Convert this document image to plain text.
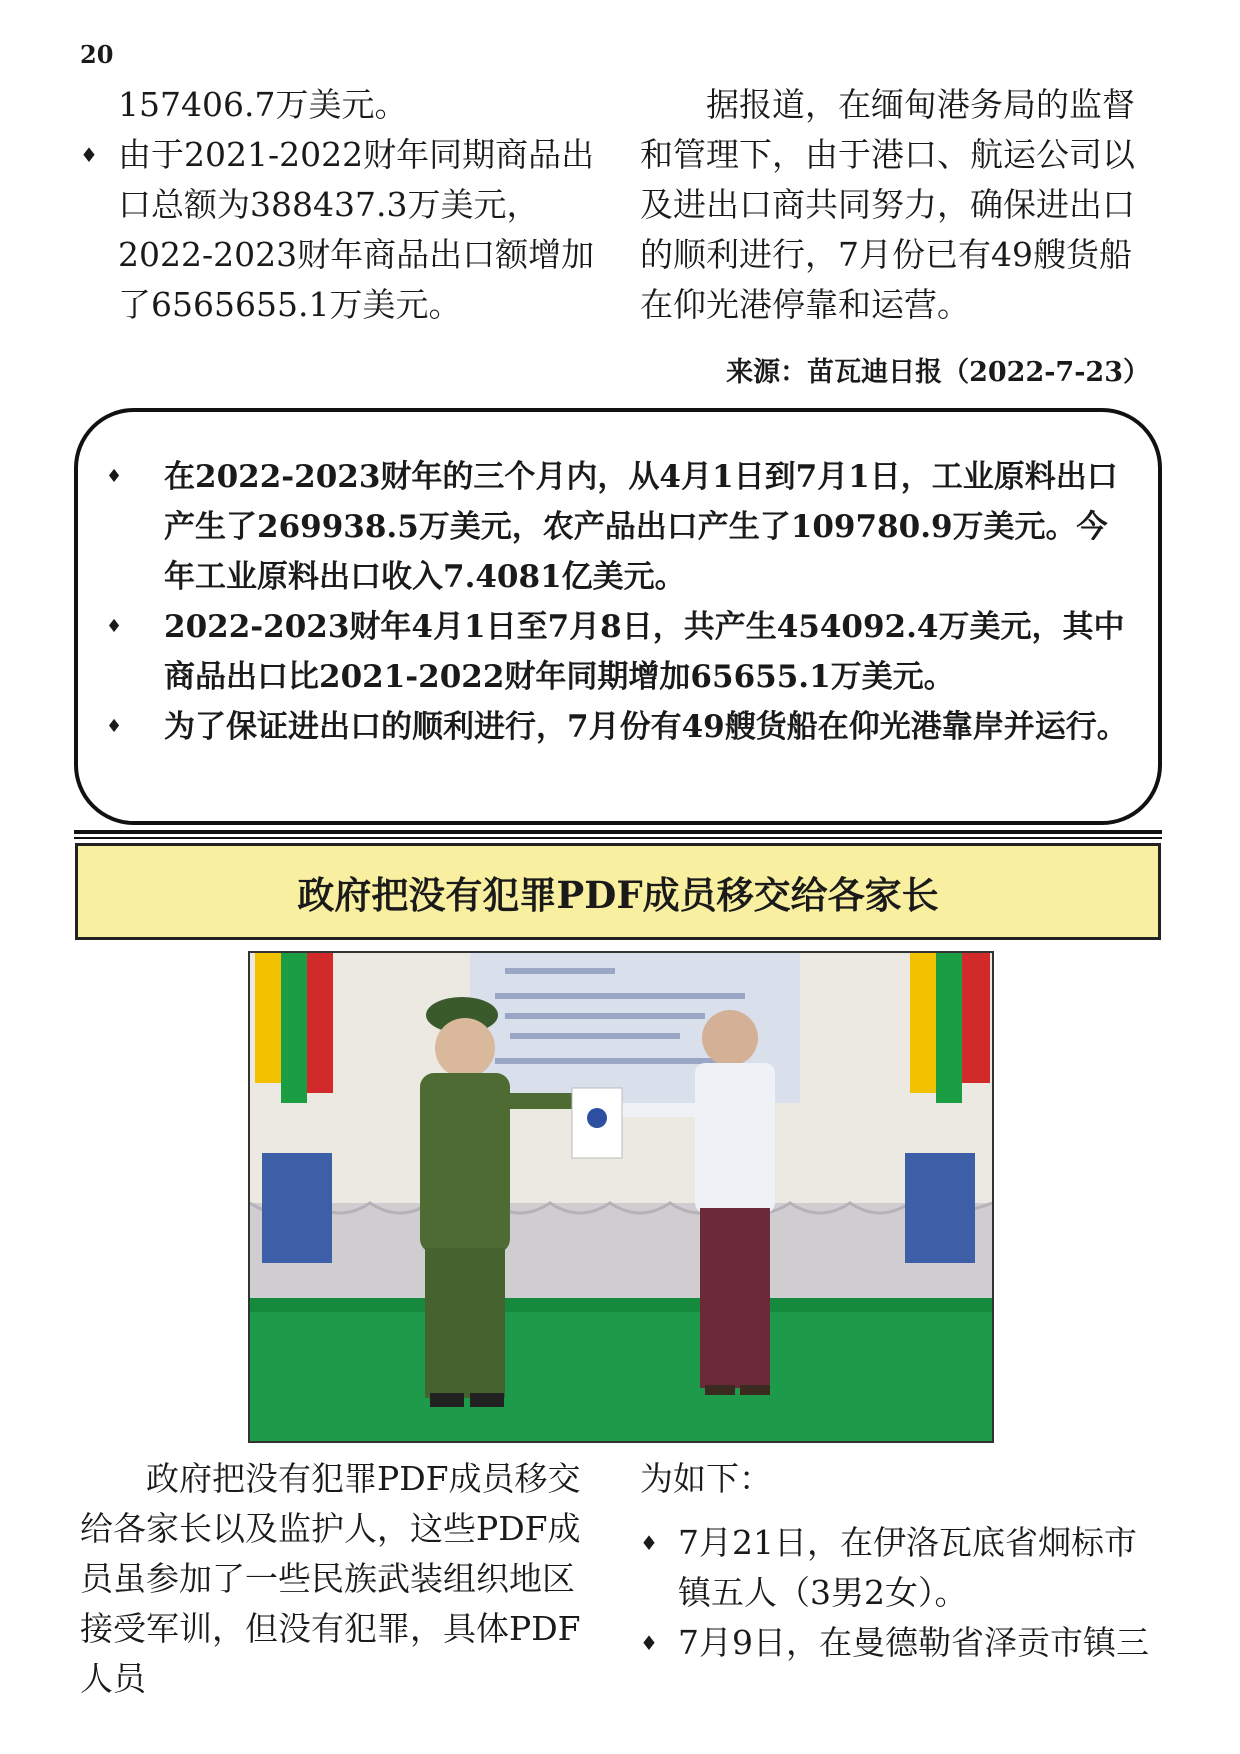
20

157406.7万美元。

♦ 由于2021-2022财年同期商品出口总额为388437.3万美元，2022-2023财年商品出口额增加了6565655.1万美元。

据报道，在缅甸港务局的监督和管理下，由于港口、航运公司以及进出口商共同努力，确保进出口的顺利进行，7月份已有49艘货船在仰光港停靠和运营。

来源：苗瓦迪日报（2022-7-23）
♦ 在2022-2023财年的三个月内，从4月1日到7月1日，工业原料出口产生了269938.5万美元，农产品出口产生了109780.9万美元。今年工业原料出口收入7.4081亿美元。
♦ 2022-2023财年4月1日至7月8日，共产生454092.4万美元，其中商品出口比2021-2022财年同期增加65655.1万美元。
♦ 为了保证进出口的顺利进行，7月份有49艘货船在仰光港靠岸并运行。
政府把没有犯罪PDF成员移交给各家长

政府把没有犯罪PDF成员移交给各家长以及监护人，这些PDF成员虽参加了一些民族武装组织地区接受军训，但没有犯罪，具体PDF人员

为如下：

♦ 7月21日，在伊洛瓦底省炯标市镇五人（3男2女）。

♦ 7月9日，在曼德勒省泽贡市镇三
